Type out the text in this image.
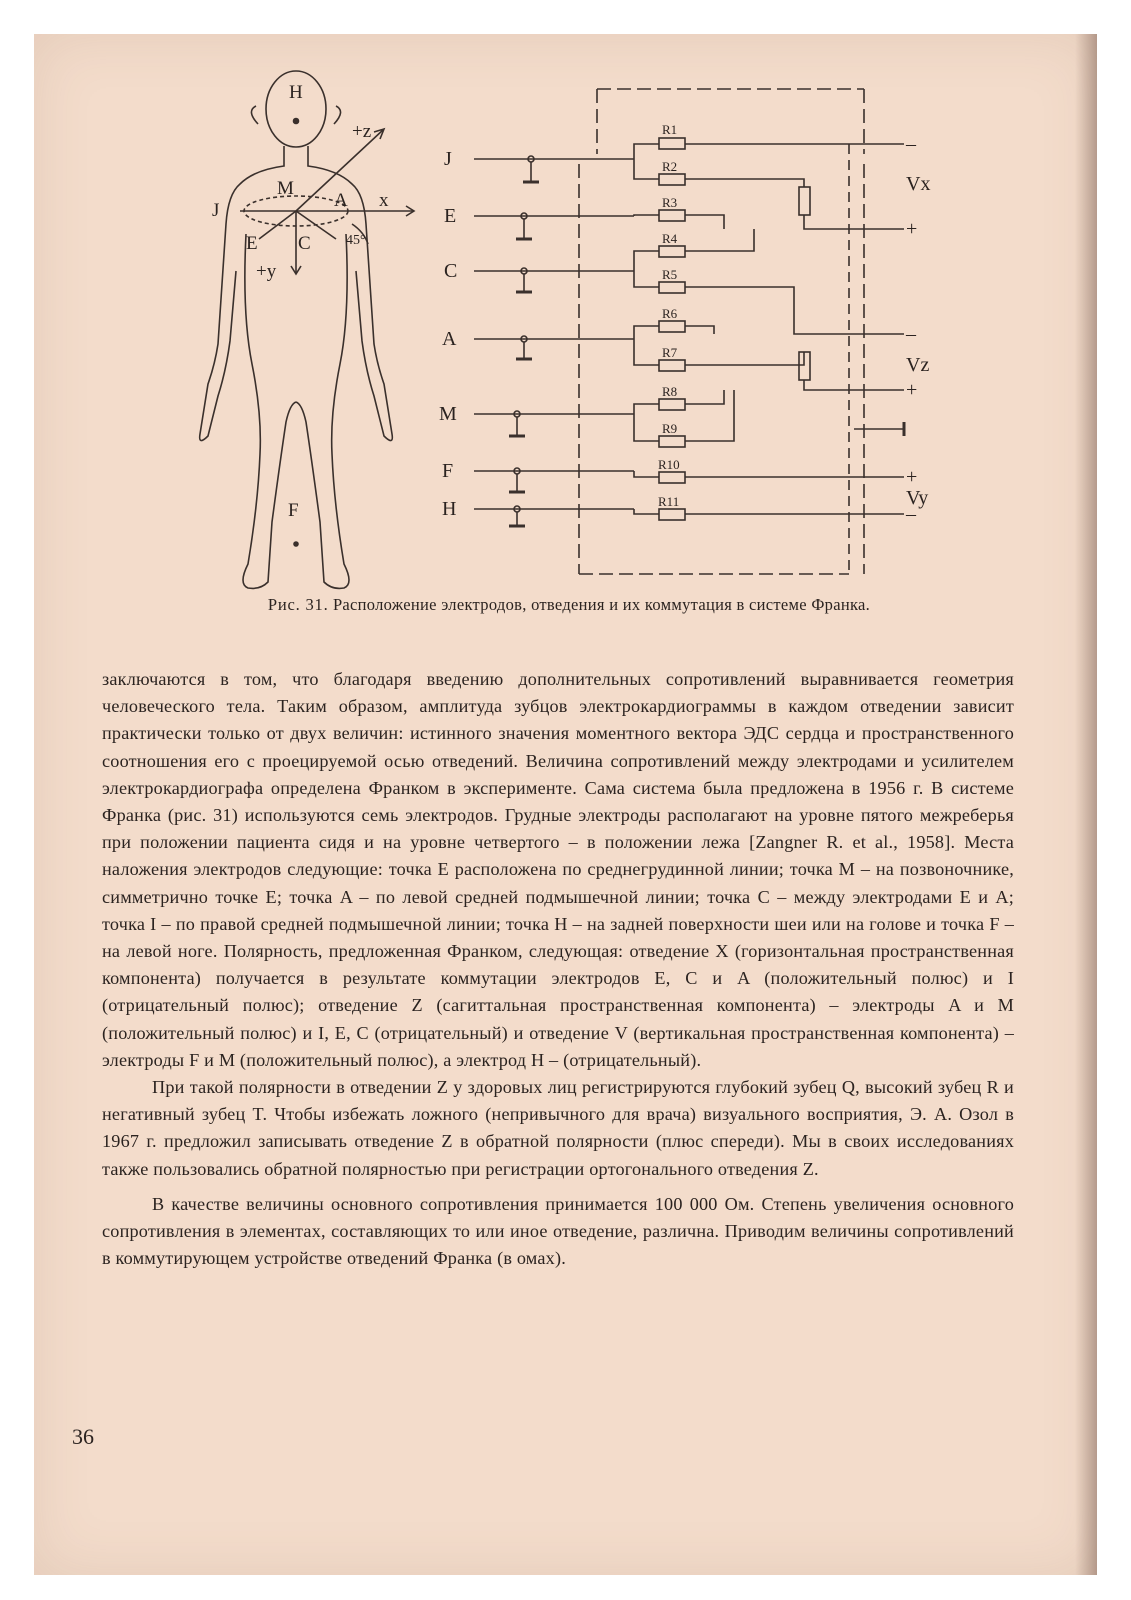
H
M
A
J
E C
F
x
+z
+y
45°
J
E
C
A
M
F
H
R1
R2
R3
R4
R5
R6
R7
R8
R9
R10
R11
–
Vx
+
–
Vz
+
+
Vy
–
Рис. 31. Расположение электродов, отведения и их коммутация в системе Франка.

заключаются в том, что благодаря введению дополнительных сопротивлений выравнивается геометрия человеческого тела. Таким образом, амплитуда зубцов электрокардиограммы в каждом отведении зависит практически только от двух величин: истинного значения моментного вектора ЭДС сердца и пространственного соотношения его с проецируемой осью отведений. Величина сопротивлений между электродами и усилителем электрокардиографа определена Франком в эксперименте. Сама система была предложена в 1956 г. В системе Франка (рис. 31) используются семь электродов. Грудные электроды располагают на уровне пятого межреберья при положении пациента сидя и на уровне четвертого – в положении лежа [Zangner R. et al., 1958]. Места наложения электродов следующие: точка E расположена по среднегрудинной линии; точка M – на позвоночнике, симметрично точке E; точка A – по левой средней подмышечной линии; точка C – между электродами E и A; точка I – по правой средней подмышечной линии; точка H – на задней поверхности шеи или на голове и точка F – на левой ноге. Полярность, предложенная Франком, следующая: отведение X (горизонтальная пространственная компонента) получается в результате коммутации электродов E, C и A (положительный полюс) и I (отрицательный полюс); отведение Z (сагиттальная пространственная компонента) – электроды A и M (положительный полюс) и I, E, C (отрицательный) и отведение V (вертикальная пространственная компонента) – электроды F и M (положительный полюс), а электрод H – (отрицательный).

При такой полярности в отведении Z у здоровых лиц регистрируются глубокий зубец Q, высокий зубец R и негативный зубец T. Чтобы избежать ложного (непривычного для врача) визуального восприятия, Э. А. Озол в 1967 г. предложил записывать отведение Z в обратной полярности (плюс спереди). Мы в своих исследованиях также пользовались обратной полярностью при регистрации ортогонального отведения Z.

В качестве величины основного сопротивления принимается 100 000 Ом. Степень увеличения основного сопротивления в элементах, составляющих то или иное отведение, различна. Приводим величины сопротивлений в коммутирующем устройстве отведений Франка (в омах).

36
